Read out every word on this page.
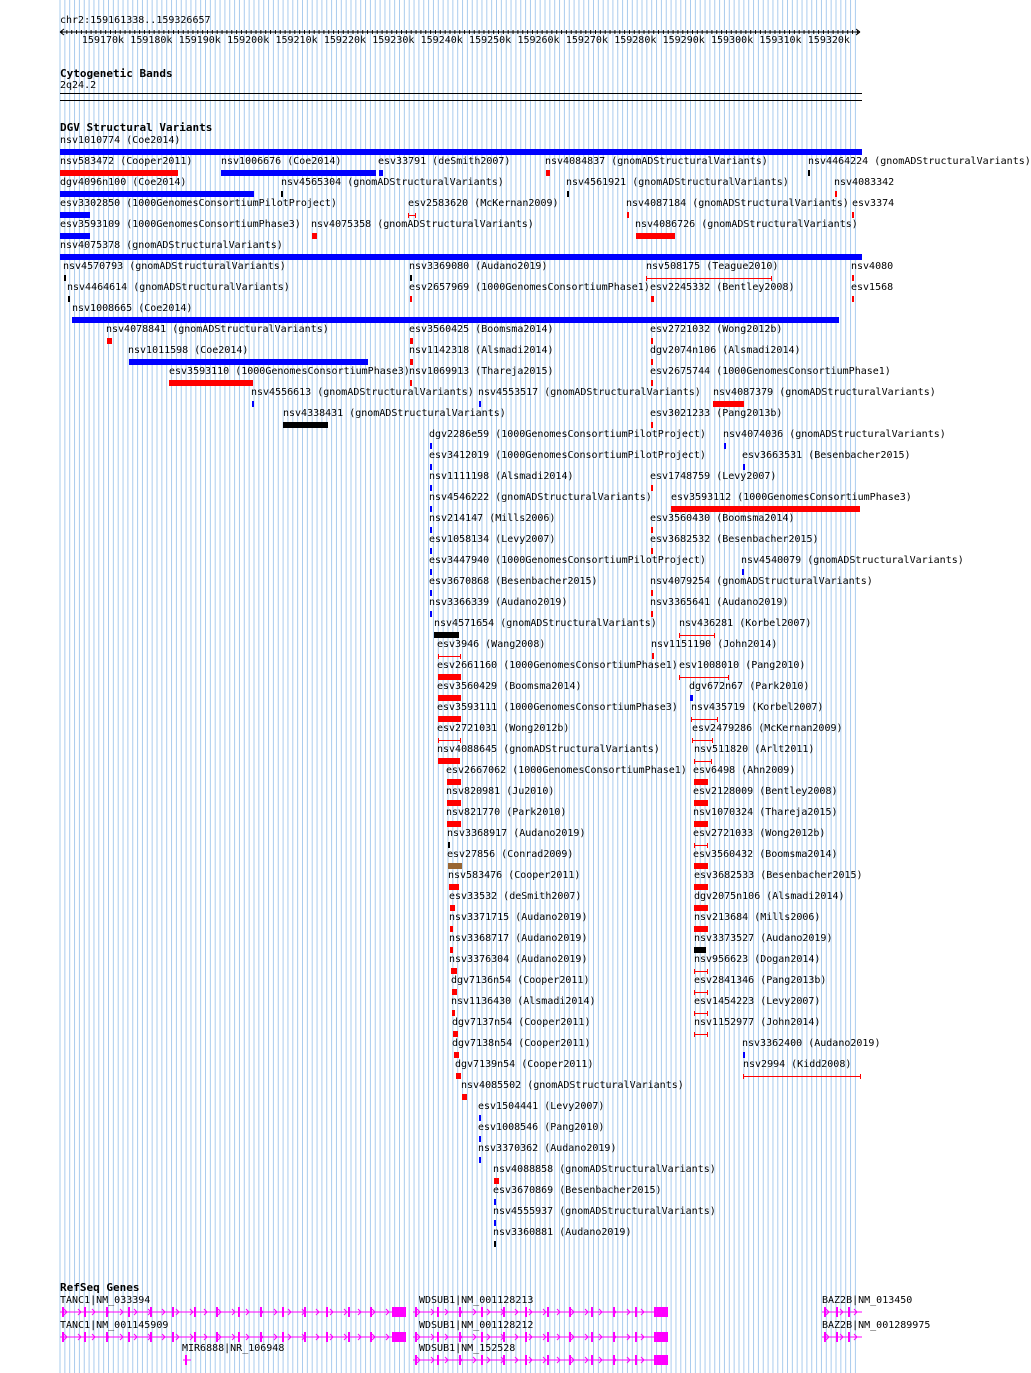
chr2:159161338..159326657
159170k 159180k 159190k 159200k 159210k 159220k 159230k 159240k 159250k 159260k 159270k 159280k 159290k 159300k 159310k 159320k
Cytogenetic Bands
2q24.2
DGV Structural Variants
nsv1010774 (Coe2014)
nsv583472 (Cooper2011)	nsv1006676 (Coe2014)	esv33791 (deSmith2007)	nsv4084837 (gnomADStructuralVariants)	nsv4464224 (gnomADStructuralVariants)
dgv4096n100 (Coe2014)	nsv4565304 (gnomADStructuralVariants)	nsv4561921 (gnomADStructuralVariants)	nsv4083342
esv3302850 (1000GenomesConsortiumPilotProject)	esv2583620 (McKernan2009)	nsv4087184 (gnomADStructuralVariants) esv3374
esv3593109 (1000GenomesConsortiumPhase3) nsv4075358 (gnomADStructuralVariants)	nsv4086726 (gnomADStructuralVariants)
nsv4075378 (gnomADStructuralVariants)
nsv4570793 (gnomADStructuralVariants)	nsv3369080 (Audano2019)	nsv508175 (Teague2010)	nsv4080
nsv4464614 (gnomADStructuralVariants)	esv2657969 (1000GenomesConsortiumPhase1) esv2245332 (Bentley2008)	esv1568
nsv1008665 (Coe2014)
nsv4078841 (gnomADStructuralVariants)	esv3560425 (Boomsma2014)	esv2721032 (Wong2012b)
nsv1011598 (Coe2014)	nsv1142318 (Alsmadi2014)	dgv2074n106 (Alsmadi2014)
esv3593110 (1000GenomesConsortiumPhase3) nsv1069913 (Thareja2015)	esv2675744 (1000GenomesConsortiumPhase1)
nsv4556613 (gnomADStructuralVariants) nsv4553517 (gnomADStructuralVariants) nsv4087379 (gnomADStructuralVariants)
nsv4338431 (gnomADStructuralVariants)	esv3021233 (Pang2013b)
dgv2286e59 (1000GenomesConsortiumPilotProject) nsv4074036 (gnomADStructuralVariants)
esv3412019 (1000GenomesConsortiumPilotProject)	esv3663531 (Besenbacher2015)
nsv1111198 (Alsmadi2014)	esv1748759 (Levy2007)
nsv4546222 (gnomADStructuralVariants) esv3593112 (1000GenomesConsortiumPhase3)
nsv214147 (Mills2006)	esv3560430 (Boomsma2014)
esv1058134 (Levy2007)	esv3682532 (Besenbacher2015)
esv3447940 (1000GenomesConsortiumPilotProject)	nsv4540079 (gnomADStructuralVariants)
esv3670868 (Besenbacher2015)	nsv4079254 (gnomADStructuralVariants)
nsv3366339 (Audano2019)	nsv3365641 (Audano2019)
nsv4571654 (gnomADStructuralVariants) nsv436281 (Korbel2007)
esv3946 (Wang2008)	nsv1151190 (John2014)
esv2661160 (1000GenomesConsortiumPhase1) esv1008010 (Pang2010)
esv3560429 (Boomsma2014)	dgv672n67 (Park2010)
esv3593111 (1000GenomesConsortiumPhase3) nsv435719 (Korbel2007)
esv2721031 (Wong2012b)	esv2479286 (McKernan2009)
nsv4088645 (gnomADStructuralVariants)	nsv511820 (Arlt2011)
esv2667062 (1000GenomesConsortiumPhase1) esv6498 (Ahn2009)
nsv820981 (Ju2010)	esv2128009 (Bentley2008)
nsv821770 (Park2010)	nsv1070324 (Thareja2015)
nsv3368917 (Audano2019)	esv2721033 (Wong2012b)
esv27856 (Conrad2009)	esv3560432 (Boomsma2014)
nsv583476 (Cooper2011)	esv3682533 (Besenbacher2015)
esv33532 (deSmith2007)	dgv2075n106 (Alsmadi2014)
nsv3371715 (Audano2019)	nsv213684 (Mills2006)
nsv3368717 (Audano2019)	nsv3373527 (Audano2019)
nsv3376304 (Audano2019)	nsv956623 (Dogan2014)
dgv7136n54 (Cooper2011)	esv2841346 (Pang2013b)
nsv1136430 (Alsmadi2014)	esv1454223 (Levy2007)
dgv7137n54 (Cooper2011)	nsv1152977 (John2014)
dgv7138n54 (Cooper2011)	nsv3362400 (Audano2019)
dgv7139n54 (Cooper2011)	nsv2994 (Kidd2008)
nsv4085502 (gnomADStructuralVariants)
esv1504441 (Levy2007)
esv1008546 (Pang2010)
nsv3370362 (Audano2019)
nsv4088858 (gnomADStructuralVariants)
esv3670869 (Besenbacher2015)
nsv4555937 (gnomADStructuralVariants)
nsv3360881 (Audano2019)
RefSeq Genes
TANC1|NM_033394	WDSUB1|NM_001128213	BAZ2B|NM_013450
TANC1|NM_001145909	WDSUB1|NM_001128212	BAZ2B|NM_001289975
MIR6888|NR_106948	WDSUB1|NM_152528
